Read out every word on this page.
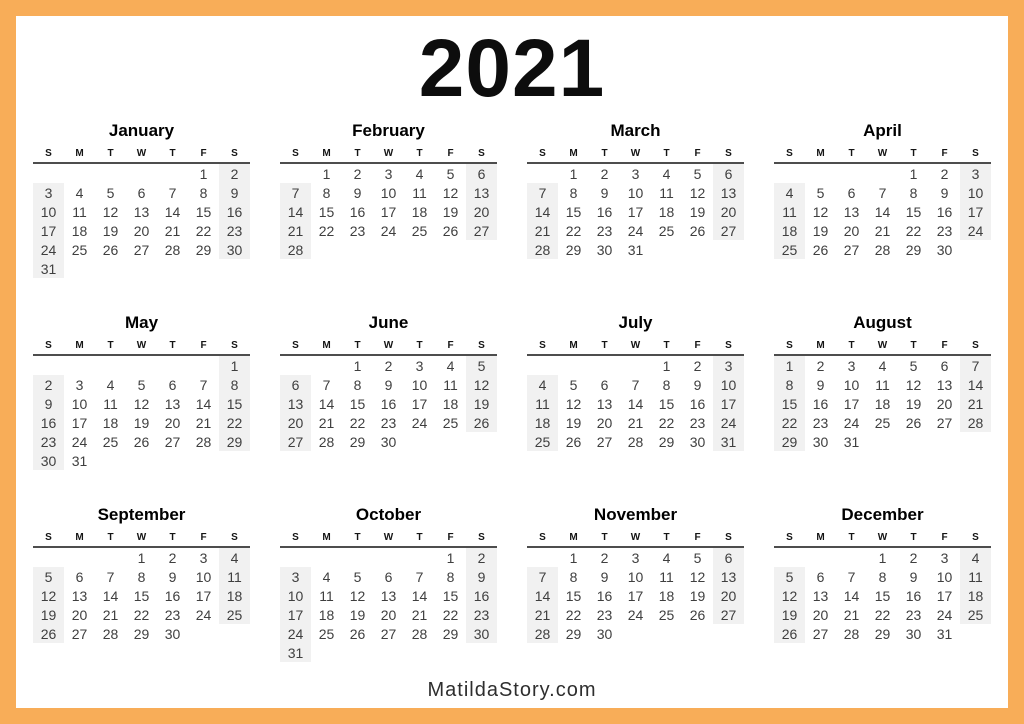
2021
January
S	M	T	W	T	F	S
					1	2
3	4	5	6	7	8	9
10	11	12	13	14	15	16
17	18	19	20	21	22	23
24	25	26	27	28	29	30
31						
February
S	M	T	W	T	F	S
	1	2	3	4	5	6
7	8	9	10	11	12	13
14	15	16	17	18	19	20
21	22	23	24	25	26	27
28						
March
S	M	T	W	T	F	S
	1	2	3	4	5	6
7	8	9	10	11	12	13
14	15	16	17	18	19	20
21	22	23	24	25	26	27
28	29	30	31			
April
S	M	T	W	T	F	S
				1	2	3
4	5	6	7	8	9	10
11	12	13	14	15	16	17
18	19	20	21	22	23	24
25	26	27	28	29	30	
May
S	M	T	W	T	F	S
						1
2	3	4	5	6	7	8
9	10	11	12	13	14	15
16	17	18	19	20	21	22
23	24	25	26	27	28	29
30	31					
June
S	M	T	W	T	F	S
		1	2	3	4	5
6	7	8	9	10	11	12
13	14	15	16	17	18	19
20	21	22	23	24	25	26
27	28	29	30			
July
S	M	T	W	T	F	S
				1	2	3
4	5	6	7	8	9	10
11	12	13	14	15	16	17
18	19	20	21	22	23	24
25	26	27	28	29	30	31
August
S	M	T	W	T	F	S
1	2	3	4	5	6	7
8	9	10	11	12	13	14
15	16	17	18	19	20	21
22	23	24	25	26	27	28
29	30	31				
September
S	M	T	W	T	F	S
			1	2	3	4
5	6	7	8	9	10	11
12	13	14	15	16	17	18
19	20	21	22	23	24	25
26	27	28	29	30		
October
S	M	T	W	T	F	S
					1	2
3	4	5	6	7	8	9
10	11	12	13	14	15	16
17	18	19	20	21	22	23
24	25	26	27	28	29	30
31						
November
S	M	T	W	T	F	S
	1	2	3	4	5	6
7	8	9	10	11	12	13
14	15	16	17	18	19	20
21	22	23	24	25	26	27
28	29	30				
December
S	M	T	W	T	F	S
			1	2	3	4
5	6	7	8	9	10	11
12	13	14	15	16	17	18
19	20	21	22	23	24	25
26	27	28	29	30	31	
MatildaStory.com
